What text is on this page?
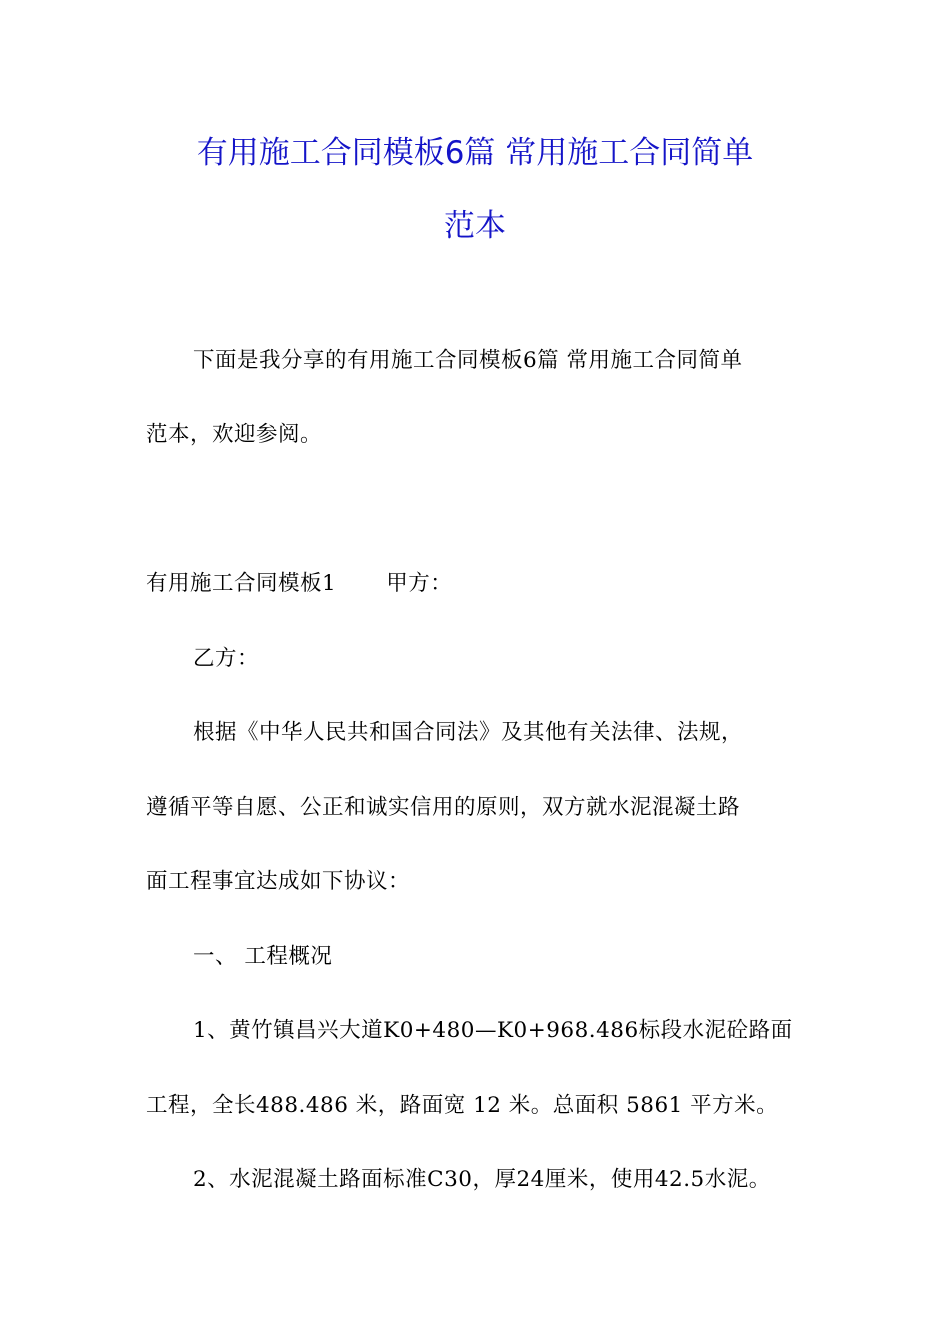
有用施工合同模板6篇 常用施工合同简单
范本
下面是我分享的有用施工合同模板6篇 常用施工合同简单
范本，欢迎参阅。
有用施工合同模板1 甲方：
乙方：
根据《中华人民共和国合同法》及其他有关法律、法规，
遵循平等自愿、公正和诚实信用的原则，双方就水泥混凝土路
面工程事宜达成如下协议：
一、 工程概况
1、黄竹镇昌兴大道K0+480—K0+968.486标段水泥砼路面
工程，全长488.486 米，路面宽 12 米。总面积 5861 平方米。
2、水泥混凝土路面标准C30，厚24厘米，使用42.5水泥。
